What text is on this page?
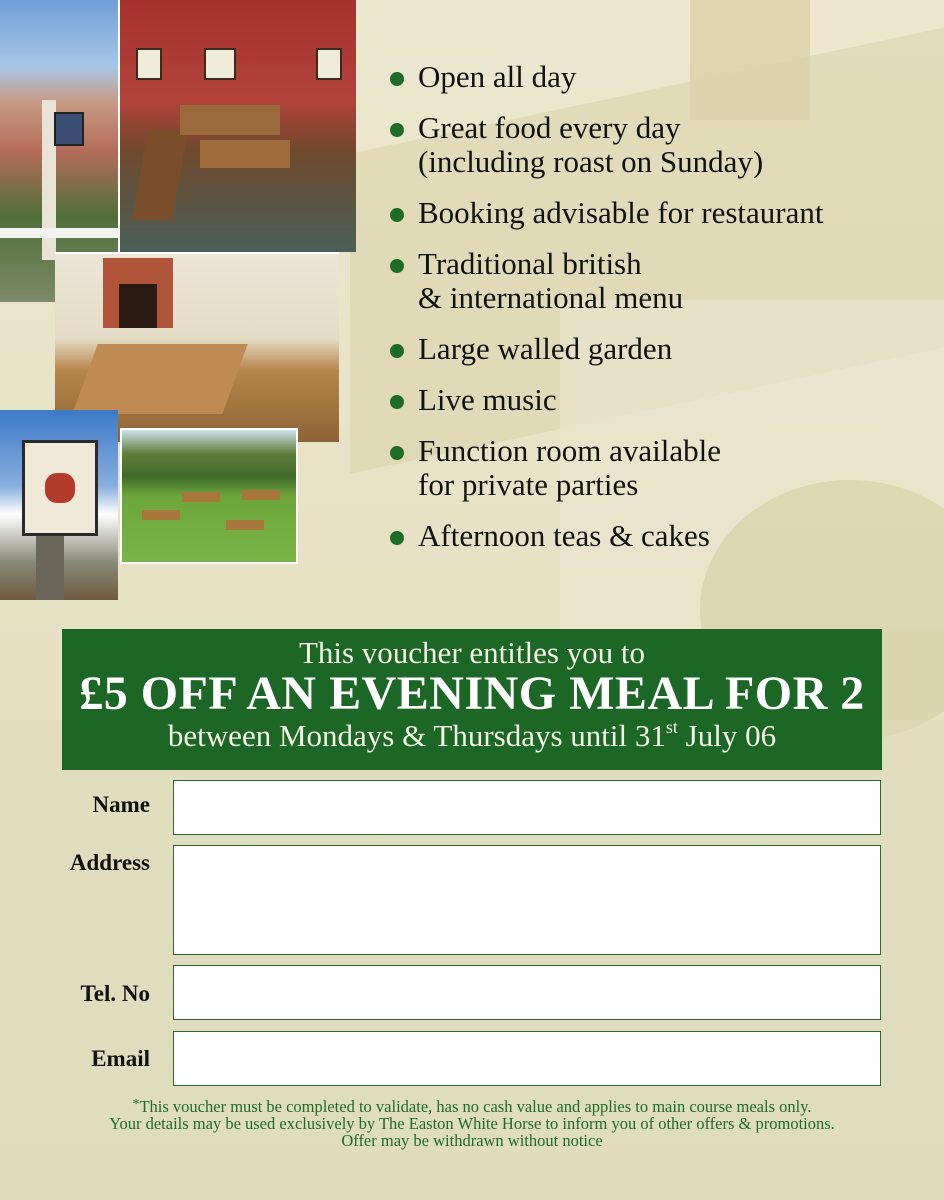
Open all day
Great food every day
(including roast on Sunday)
Booking advisable for restaurant
Traditional british
& international menu
Large walled garden
Live music
Function room available
for private parties
Afternoon teas & cakes
This voucher entitles you to
£5 OFF AN EVENING MEAL FOR 2
between Mondays & Thursdays until 31st July 06
Name
Address
Tel. No
Email
*This voucher must be completed to validate, has no cash value and applies to main course meals only.
Your details may be used exclusively by The Easton White Horse to inform you of other offers & promotions.
Offer may be withdrawn without notice
